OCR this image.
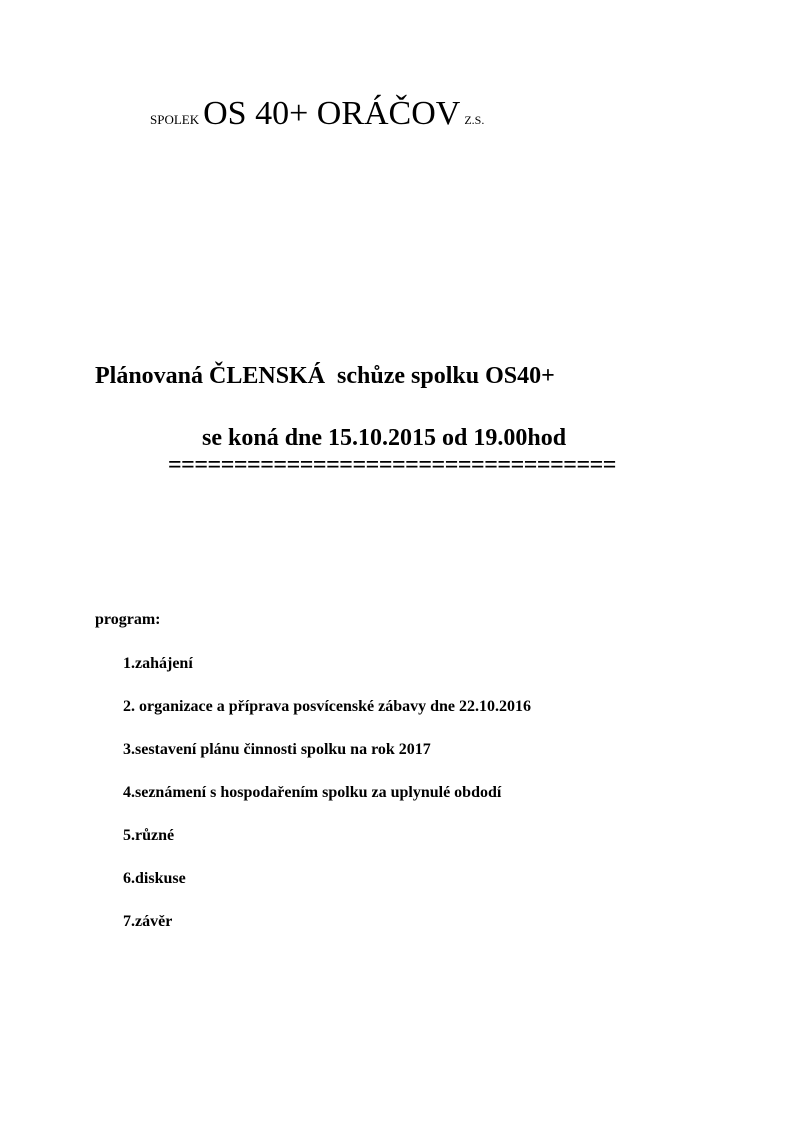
SPOLEK OS 40+ ORÁČOV Z.S.
Plánovaná ČLENSKÁ  schůze spolku OS40+
se koná dne 15.10.2015 od 19.00hod
==================================
program:
1.zahájení
2. organizace a příprava posvícenské zábavy dne 22.10.2016
3.sestavení plánu činnosti spolku na rok 2017
4.seznámení s hospodařením spolku za uplynulé obdodí
5.různé
6.diskuse
7.závěr
